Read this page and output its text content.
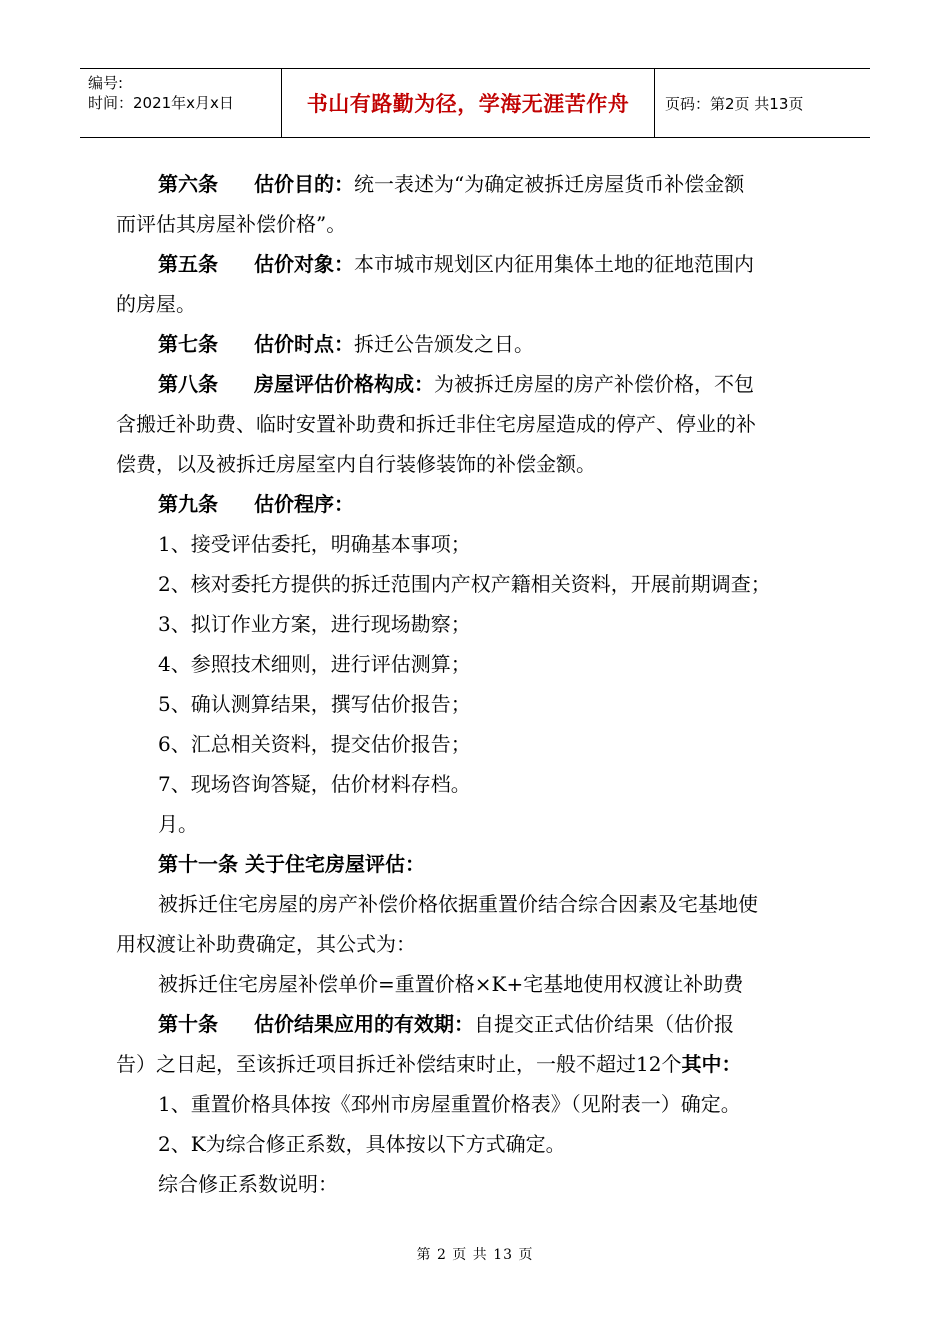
编号:
时间：2021年x月x日	书山有路勤为径，学海无涯苦作舟	页码：第2页 共13页
第六条 估价目的：统一表述为“为确定被拆迁房屋货币补偿金额
而评估其房屋补偿价格”。
第五条 估价对象：本市城市规划区内征用集体土地的征地范围内
的房屋。
第七条 估价时点：拆迁公告颁发之日。
第八条 房屋评估价格构成：为被拆迁房屋的房产补偿价格，不包
含搬迁补助费、临时安置补助费和拆迁非住宅房屋造成的停产、停业的补
偿费，以及被拆迁房屋室内自行装修装饰的补偿金额。
第九条 估价程序：
1、接受评估委托，明确基本事项；
2、核对委托方提供的拆迁范围内产权产籍相关资料，开展前期调查；
3、拟订作业方案，进行现场勘察；
4、参照技术细则，进行评估测算；
5、确认测算结果，撰写估价报告；
6、汇总相关资料，提交估价报告；
7、现场咨询答疑，估价材料存档。
月。
第十一条 关于住宅房屋评估：
被拆迁住宅房屋的房产补偿价格依据重置价结合综合因素及宅基地使
用权渡让补助费确定，其公式为：
被拆迁住宅房屋补偿单价=重置价格×K+宅基地使用权渡让补助费
第十条 估价结果应用的有效期：自提交正式估价结果（估价报
告）之日起，至该拆迁项目拆迁补偿结束时止，一般不超过12个其中：
1、重置价格具体按《邳州市房屋重置价格表》（见附表一）确定。
2、K为综合修正系数，具体按以下方式确定。
综合修正系数说明：
第 2 页 共 13 页
